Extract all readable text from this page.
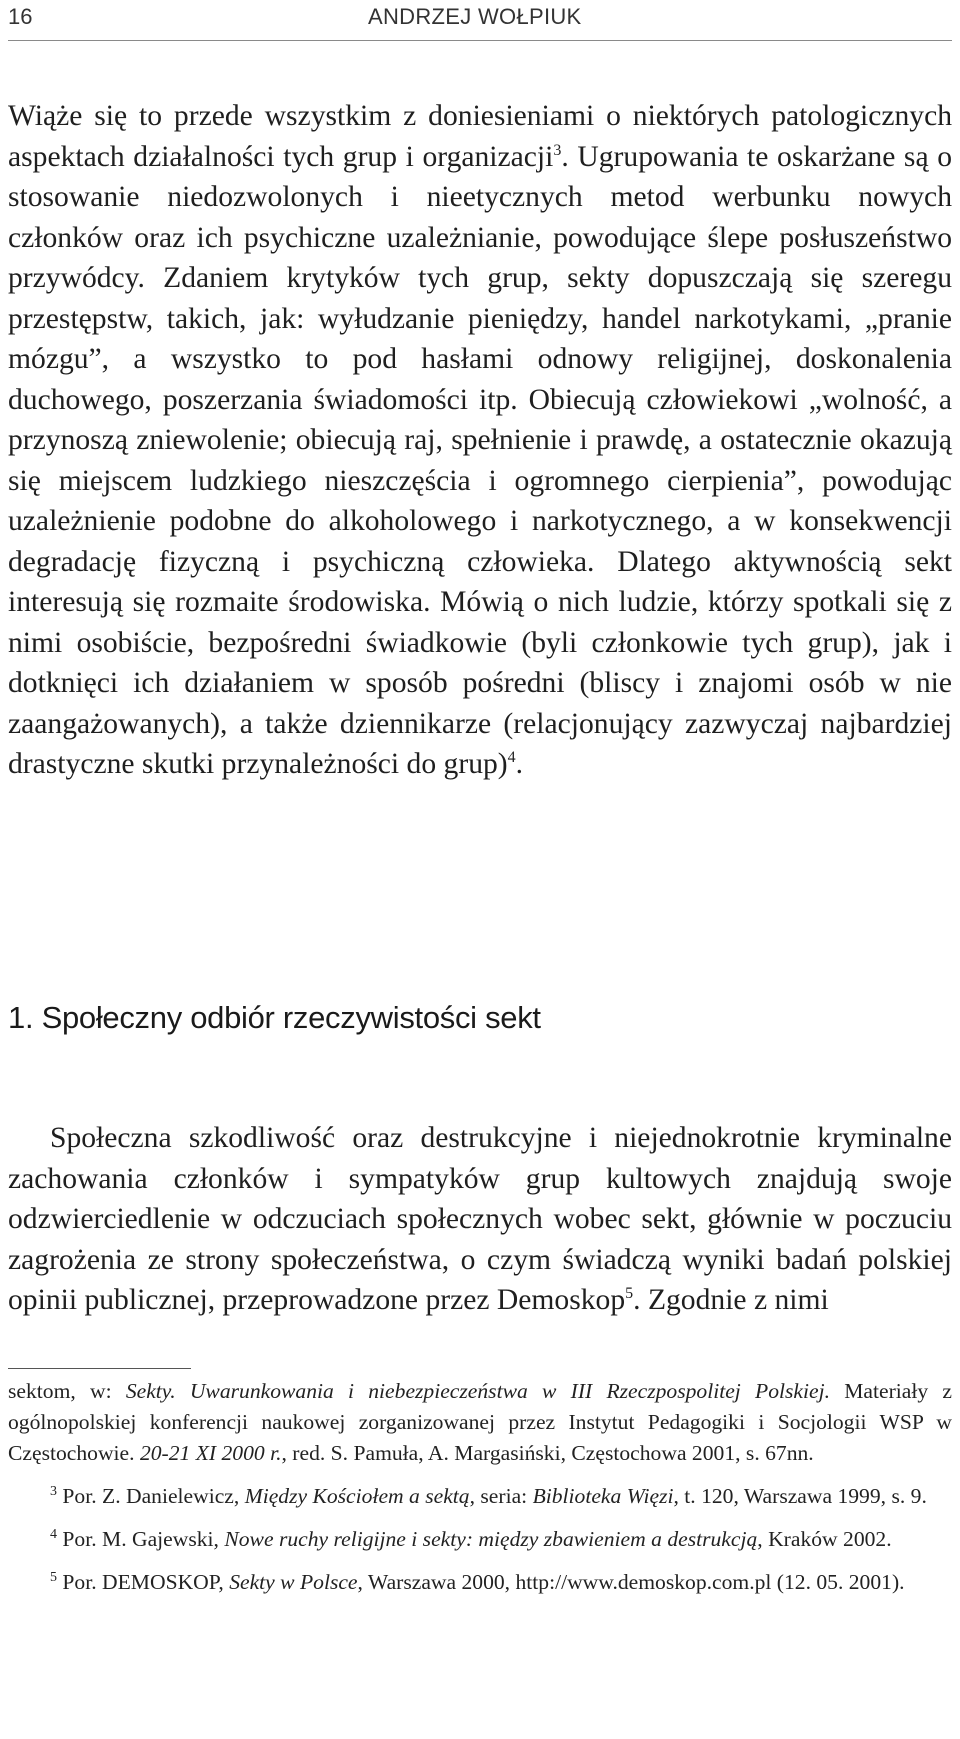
16	ANDRZEJ WOŁPIUK

Wiąże się to przede wszystkim z doniesieniami o niektórych patologicznych aspektach działalności tych grup i organizacji$^3$. Ugrupowania te oskarżane są o stosowanie niedozwolonych i nieetycznych metod werbunku nowych członków oraz ich psychiczne uzależnianie, powodujące ślepe posłuszeństwo przywódcy. Zdaniem krytyków tych grup, sekty dopuszczają się szeregu przestępstw, takich, jak: wyłudzanie pieniędzy, handel narkotykami, „pranie mózgu”, a wszystko to pod hasłami odnowy religijnej, doskonalenia duchowego, poszerzania świadomości itp. Obiecują człowiekowi „wolność, a przynoszą zniewolenie; obiecują raj, spełnienie i prawdę, a ostatecznie okazują się miejscem ludzkiego nieszczęścia i ogromnego cierpienia”, powodując uzależnienie podobne do alkoholowego i narkotycznego, a w konsekwencji degradację fizyczną i psychiczną człowieka. Dlatego aktywnością sekt interesują się rozmaite środowiska. Mówią o nich ludzie, którzy spotkali się z nimi osobiście, bezpośredni świadkowie (byli członkowie tych grup), jak i dotknięci ich działaniem w sposób pośredni (bliscy i znajomi osób w nie zaangażowanych), a także dziennikarze (relacjonujący zazwyczaj najbardziej drastyczne skutki przynależności do grup)$^4$.

1. Społeczny odbiór rzeczywistości sekt

Społeczna szkodliwość oraz destrukcyjne i niejednokrotnie kryminalne zachowania członków i sympatyków grup kultowych znajdują swoje odzwierciedlenie w odczuciach społecznych wobec sekt, głównie w poczuciu zagrożenia ze strony społeczeństwa, o czym świadczą wyniki badań polskiej opinii publicznej, przeprowadzone przez Demoskop$^5$. Zgodnie z nimi

sektom, w: Sekty. Uwarunkowania i niebezpieczeństwa w III Rzeczpospolitej Polskiej. Materiały z ogólnopolskiej konferencji naukowej zorganizowanej przez Instytut Pedagogiki i Socjologii WSP w Częstochowie. 20-21 XI 2000 r., red. S. Pamuła, A. Margasiński, Częstochowa 2001, s. 67nn.

$^3$ Por. Z. Danielewicz, Między Kościołem a sektą, seria: Biblioteka Więzi, t. 120, Warszawa 1999, s. 9.

$^4$ Por. M. Gajewski, Nowe ruchy religijne i sekty: między zbawieniem a destrukcją, Kraków 2002.

$^5$ Por. DEMOSKOP, Sekty w Polsce, Warszawa 2000, http://www.demoskop.com.pl (12. 05. 2001).
